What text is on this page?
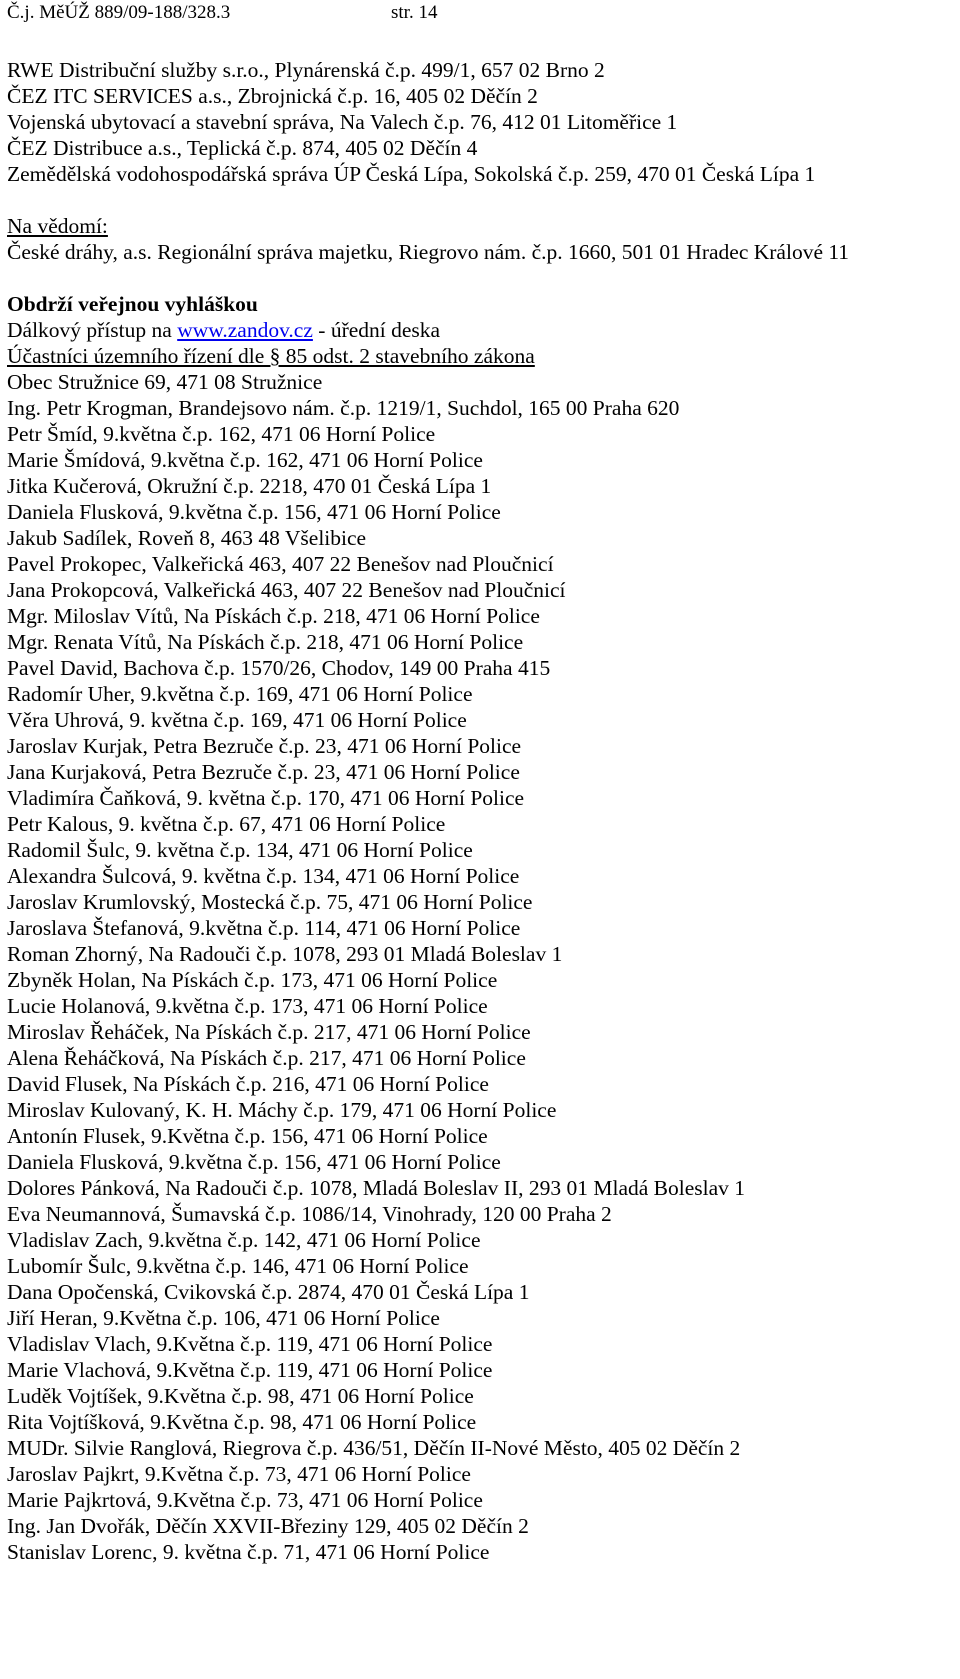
Č.j. MěÚŽ 889/09-188/328.3	str. 14
RWE Distribuční služby s.r.o., Plynárenská č.p. 499/1, 657 02 Brno 2
ČEZ ITC SERVICES a.s., Zbrojnická č.p. 16, 405 02 Děčín 2
Vojenská ubytovací a stavební správa, Na Valech č.p. 76, 412 01 Litoměřice 1
ČEZ Distribuce a.s., Teplická č.p. 874, 405 02 Děčín 4
Zemědělská vodohospodářská správa ÚP Česká Lípa, Sokolská č.p. 259, 470 01 Česká Lípa 1
Na vědomí:
České dráhy, a.s. Regionální správa majetku, Riegrovo nám. č.p. 1660, 501 01 Hradec Králové 11
Obdrží veřejnou vyhláškou
Dálkový přístup na www.zandov.cz - úřední deska
Účastníci územního řízení dle § 85 odst. 2 stavebního zákona
Obec Stružnice 69, 471 08 Stružnice
Ing. Petr Krogman, Brandejsovo nám. č.p. 1219/1, Suchdol, 165 00 Praha 620
Petr Šmíd, 9.května č.p. 162, 471 06 Horní Police
Marie Šmídová, 9.května č.p. 162, 471 06 Horní Police
Jitka Kučerová, Okružní č.p. 2218, 470 01 Česká Lípa 1
Daniela Flusková, 9.května č.p. 156, 471 06 Horní Police
Jakub Sadílek, Roveň 8, 463 48 Všelibice
Pavel Prokopec, Valkeřická 463, 407 22 Benešov nad Ploučnicí
Jana Prokopcová, Valkeřická 463, 407 22 Benešov nad Ploučnicí
Mgr. Miloslav Vítů, Na Pískách č.p. 218, 471 06 Horní Police
Mgr. Renata Vítů, Na Pískách č.p. 218, 471 06 Horní Police
Pavel David, Bachova č.p. 1570/26, Chodov, 149 00 Praha 415
Radomír Uher, 9.května č.p. 169, 471 06 Horní Police
Věra Uhrová, 9. května č.p. 169, 471 06 Horní Police
Jaroslav Kurjak, Petra Bezruče č.p. 23, 471 06 Horní Police
Jana Kurjaková, Petra Bezruče č.p. 23, 471 06 Horní Police
Vladimíra Čaňková, 9. května č.p. 170, 471 06 Horní Police
Petr Kalous, 9. května č.p. 67, 471 06 Horní Police
Radomil Šulc, 9. května č.p. 134, 471 06 Horní Police
Alexandra Šulcová, 9. května č.p. 134, 471 06 Horní Police
Jaroslav Krumlovský, Mostecká č.p. 75, 471 06 Horní Police
Jaroslava Štefanová, 9.května č.p. 114, 471 06 Horní Police
Roman Zhorný, Na Radouči č.p. 1078, 293 01 Mladá Boleslav 1
Zbyněk Holan, Na Pískách č.p. 173, 471 06 Horní Police
Lucie Holanová, 9.května č.p. 173, 471 06 Horní Police
Miroslav Řeháček, Na Pískách č.p. 217, 471 06 Horní Police
Alena Řeháčková, Na Pískách č.p. 217, 471 06 Horní Police
David Flusek, Na Pískách č.p. 216, 471 06 Horní Police
Miroslav Kulovaný, K. H. Máchy č.p. 179, 471 06 Horní Police
Antonín Flusek, 9.Května č.p. 156, 471 06 Horní Police
Daniela Flusková, 9.května č.p. 156, 471 06 Horní Police
Dolores Pánková, Na Radouči č.p. 1078, Mladá Boleslav II, 293 01 Mladá Boleslav 1
Eva Neumannová, Šumavská č.p. 1086/14, Vinohrady, 120 00 Praha 2
Vladislav Zach, 9.května č.p. 142, 471 06 Horní Police
Lubomír Šulc, 9.května č.p. 146, 471 06 Horní Police
Dana Opočenská, Cvikovská č.p. 2874, 470 01 Česká Lípa 1
Jiří Heran, 9.Května č.p. 106, 471 06 Horní Police
Vladislav Vlach, 9.Května č.p. 119, 471 06 Horní Police
Marie Vlachová, 9.Května č.p. 119, 471 06 Horní Police
Luděk Vojtíšek, 9.Května č.p. 98, 471 06 Horní Police
Rita Vojtíšková, 9.Května č.p. 98, 471 06 Horní Police
MUDr. Silvie Ranglová, Riegrova č.p. 436/51, Děčín II-Nové Město, 405 02 Děčín 2
Jaroslav Pajkrt, 9.Května č.p. 73, 471 06 Horní Police
Marie Pajkrtová, 9.Května č.p. 73, 471 06 Horní Police
Ing. Jan Dvořák, Děčín XXVII-Březiny 129, 405 02 Děčín 2
Stanislav Lorenc, 9. května č.p. 71, 471 06 Horní Police
